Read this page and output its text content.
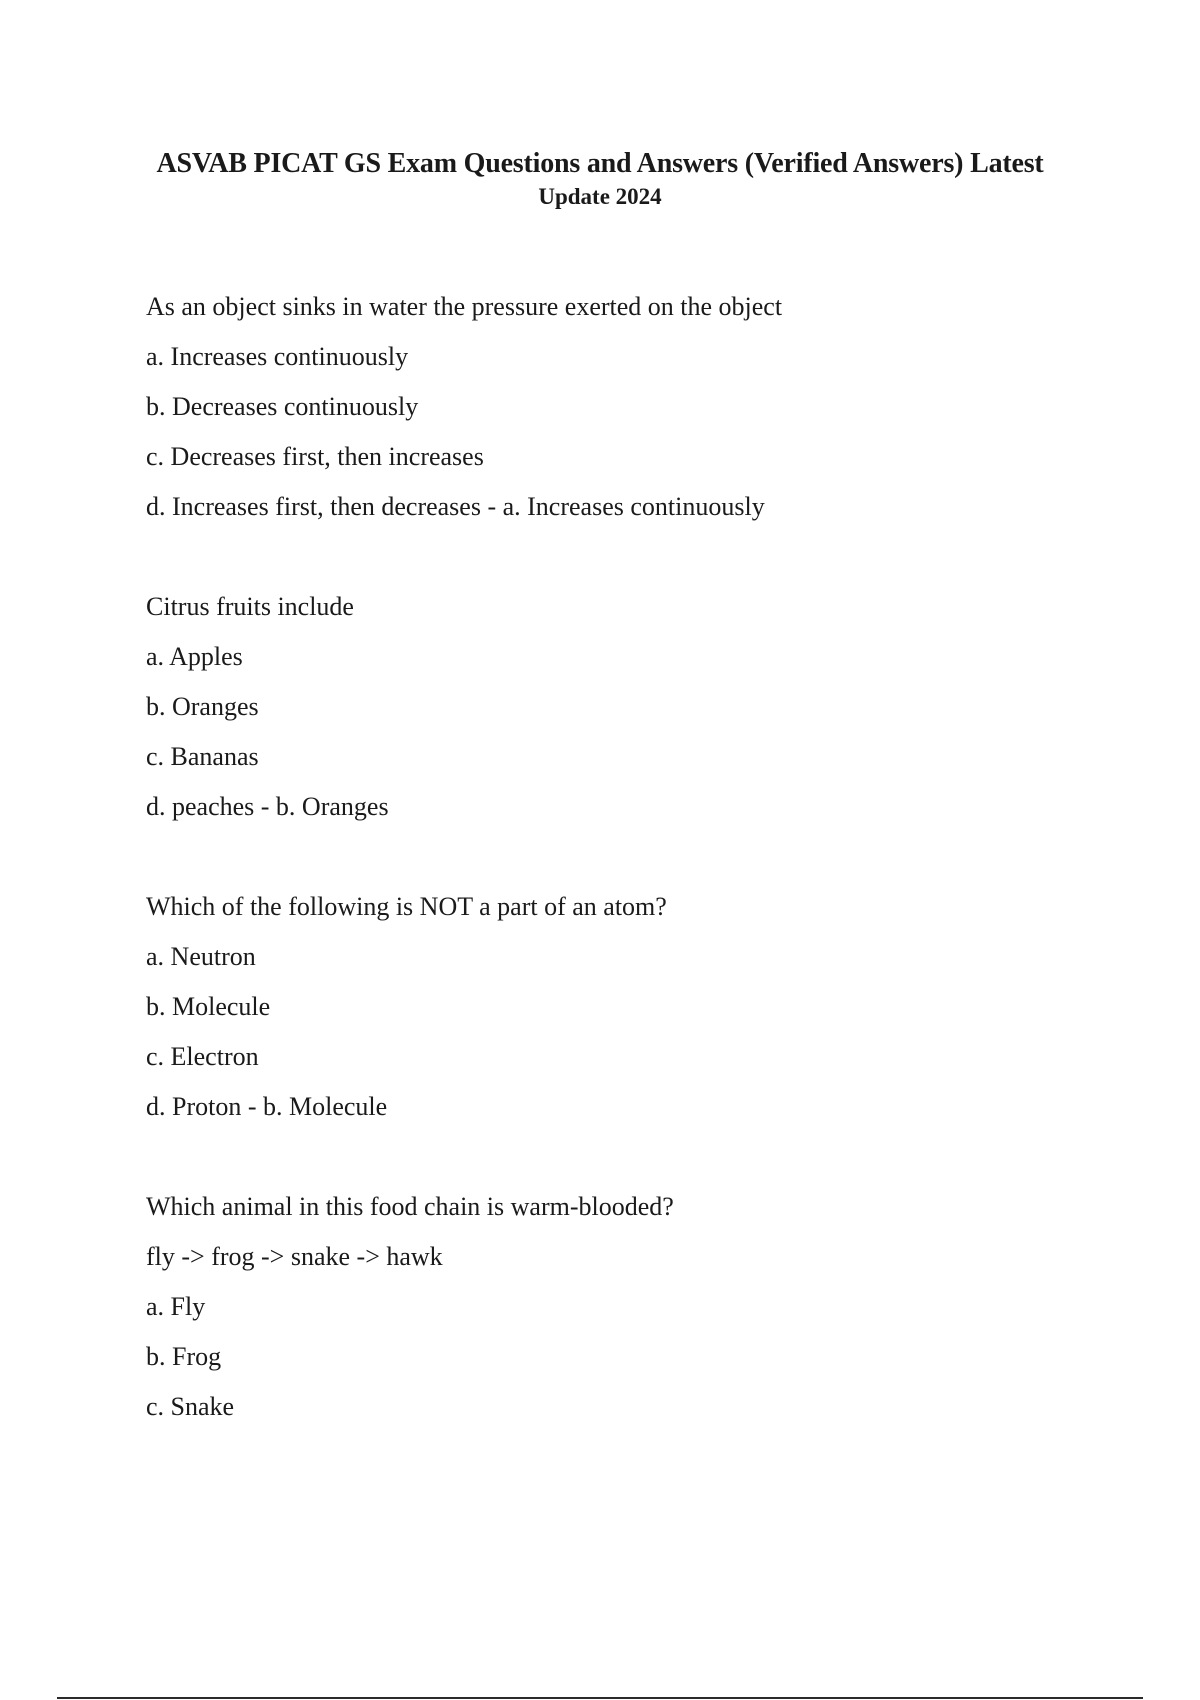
ASVAB PICAT GS Exam Questions and Answers (Verified Answers) Latest

Update 2024

As an object sinks in water the pressure exerted on the object
a. Increases continuously
b. Decreases continuously
c. Decreases first, then increases
d. Increases first, then decreases - a. Increases continuously
Citrus fruits include
a. Apples
b. Oranges
c. Bananas
d. peaches - b. Oranges
Which of the following is NOT a part of an atom?
a. Neutron
b. Molecule
c. Electron
d. Proton - b. Molecule
Which animal in this food chain is warm-blooded?
fly -> frog -> snake -> hawk
a. Fly
b. Frog
c. Snake
